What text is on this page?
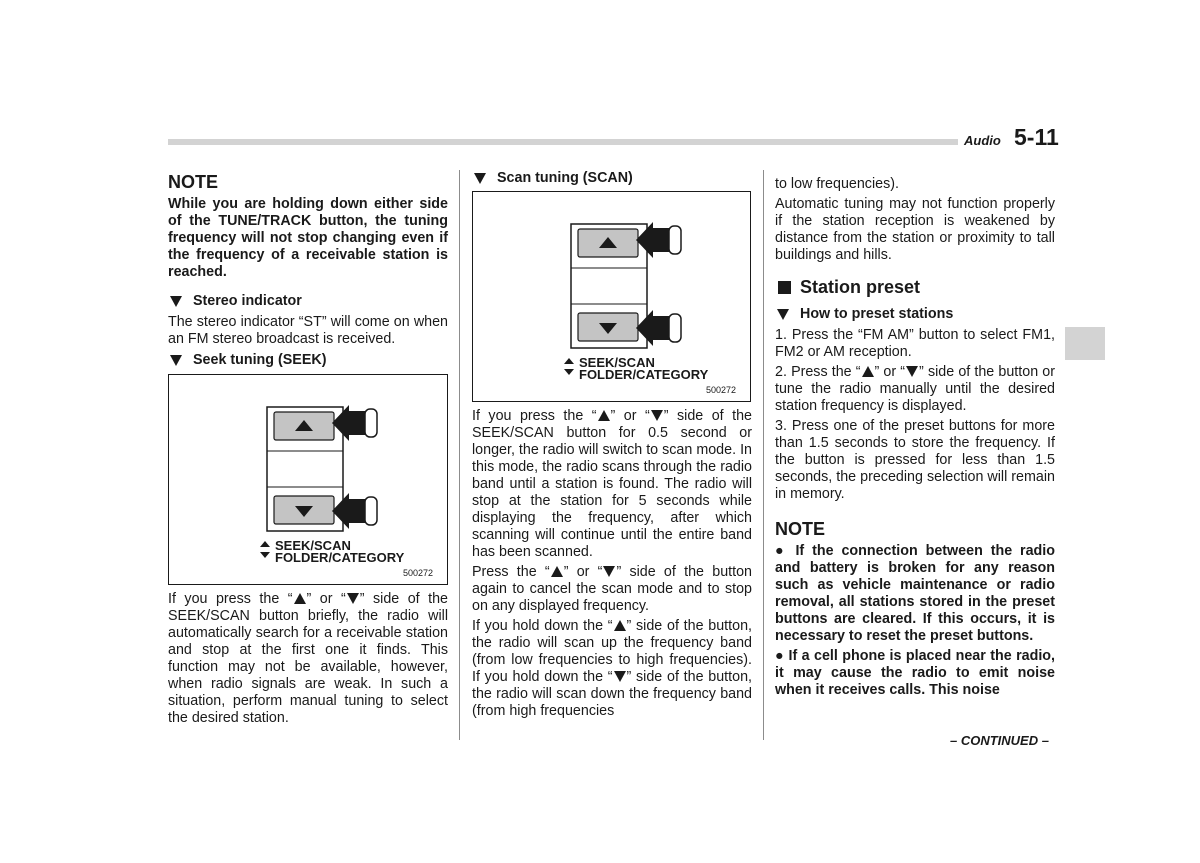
Audio 5-11
NOTE

While you are holding down either side of the TUNE/TRACK button, the tuning frequency will not stop changing even if the frequency of a receivable station is reached.

Stereo indicator

The stereo indicator “ST” will come on when an FM stereo broadcast is received.

Seek tuning (SEEK)
SEEK/SCAN
FOLDER/CATEGORY
500272

If you press the “ ” or “ ” side of the SEEK/SCAN button briefly, the radio will automatically search for a receivable station and stop at the first one it finds. This function may not be available, however, when radio signals are weak. In such a situation, perform manual tuning to select the desired station.

Scan tuning (SCAN)
SEEK/SCAN
FOLDER/CATEGORY
500272

If you press the “ ” or “ ” side of the SEEK/SCAN button for 0.5 second or longer, the radio will switch to scan mode. In this mode, the radio scans through the radio band until a station is found. The radio will stop at the station for 5 seconds while displaying the frequency, after which scanning will continue until the entire band has been scanned.

Press the “ ” or “ ” side of the button again to cancel the scan mode and to stop on any displayed frequency.

If you hold down the “ ” side of the button, the radio will scan up the frequency band (from low frequencies to high frequencies). If you hold down the “ ” side of the button, the radio will scan down the frequency band (from high frequencies

to low frequencies).

Automatic tuning may not function properly if the station reception is weakened by distance from the station or proximity to tall buildings and hills.

Station preset
How to preset stations

1. Press the “FM AM” button to select FM1, FM2 or AM reception.

2. Press the “ ” or “ ” side of the button or tune the radio manually until the desired station frequency is displayed.

3. Press one of the preset buttons for more than 1.5 seconds to store the frequency. If the button is pressed for less than 1.5 seconds, the preceding selection will remain in memory.

NOTE

● If the connection between the radio and battery is broken for any reason such as vehicle maintenance or radio removal, all stations stored in the preset buttons are cleared. If this occurs, it is necessary to reset the preset buttons.

● If a cell phone is placed near the radio, it may cause the radio to emit noise when it receives calls. This noise

– CONTINUED –
